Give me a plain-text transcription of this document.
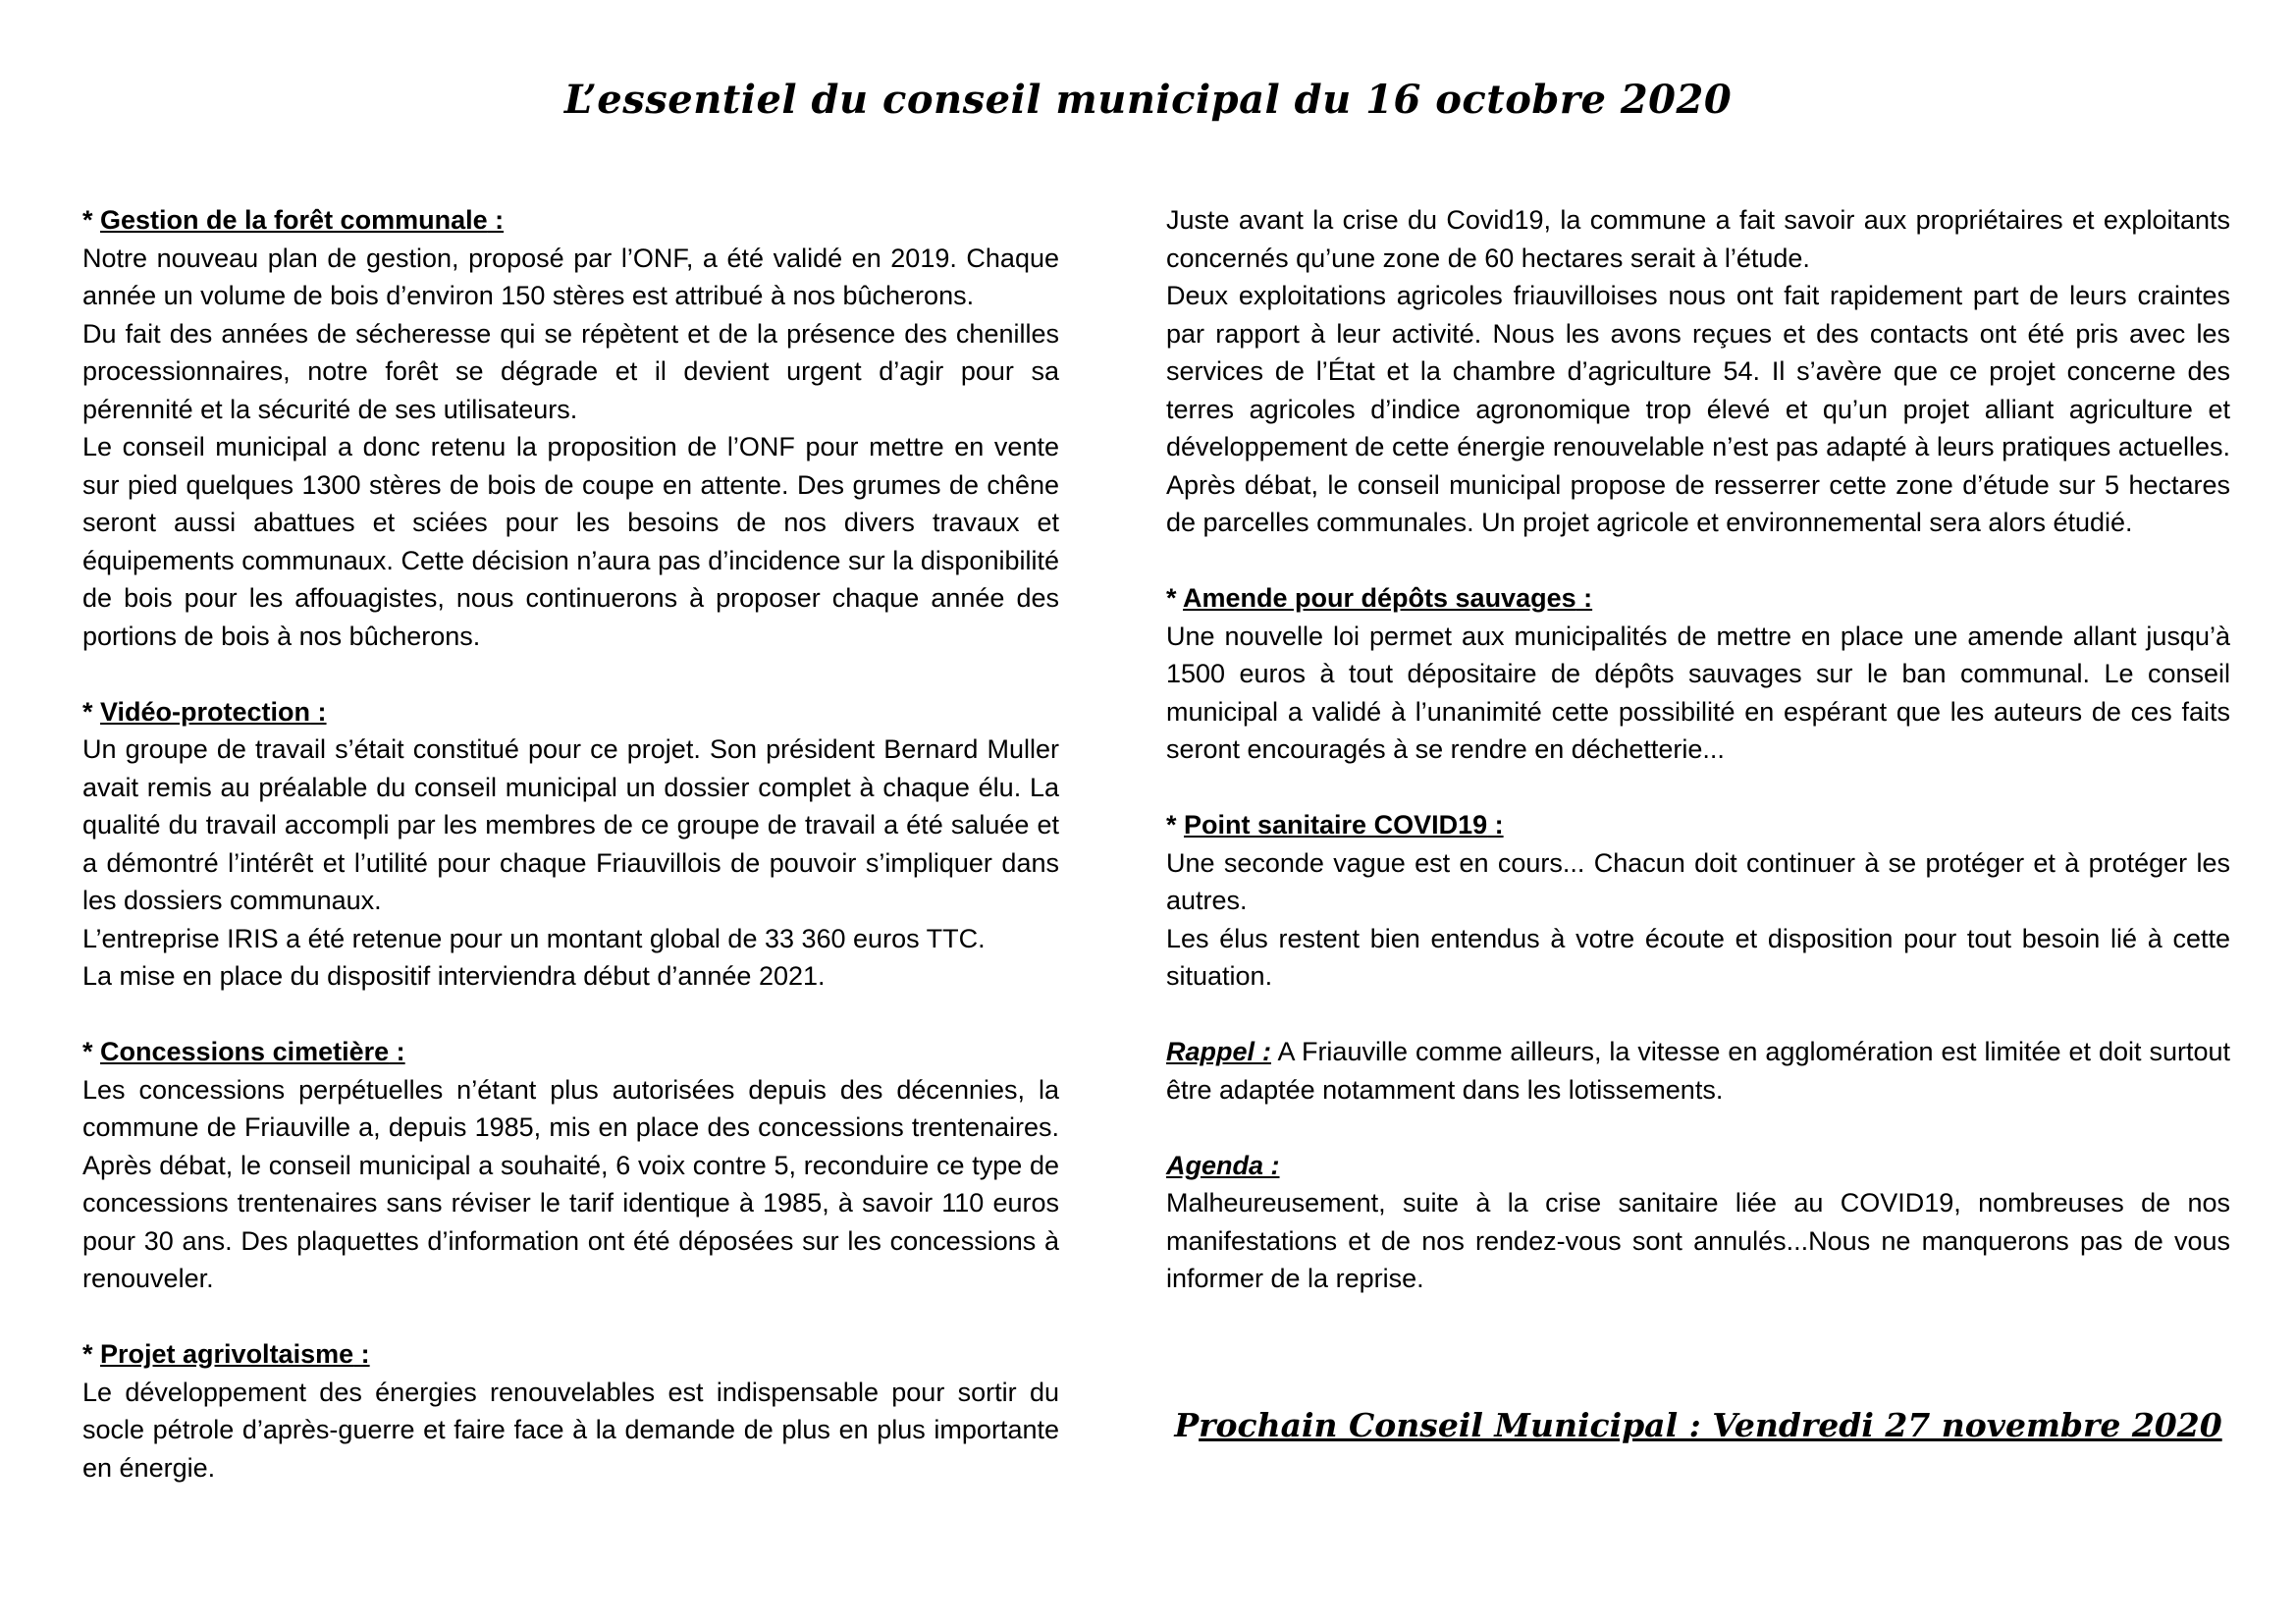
L’essentiel du conseil municipal du 16 octobre 2020

* Gestion de la forêt communale :

Notre nouveau plan de gestion, proposé par l’ONF, a été validé en 2019. Chaque année un volume de bois d’environ 150 stères est attribué à nos bûcherons.

Du fait des années de sécheresse qui se répètent et de la présence des chenilles processionnaires, notre forêt se dégrade et il devient urgent d’agir pour sa pérennité et la sécurité de ses utilisateurs.

Le conseil municipal a donc retenu la proposition de l’ONF pour mettre en vente sur pied quelques 1300 stères de bois de coupe en attente. Des grumes de chêne seront aussi abattues et sciées pour les besoins de nos divers travaux et équipements communaux. Cette décision n’aura pas d’incidence sur la disponibilité de bois pour les affouagistes, nous continuerons à proposer chaque année des portions de bois à nos bûcherons.

* Vidéo-protection :

Un groupe de travail s’était constitué pour ce projet. Son président Bernard Muller avait remis au préalable du conseil municipal un dossier complet à chaque élu. La qualité du travail accompli par les membres de ce groupe de travail a été saluée et a démontré l’intérêt et l’utilité pour chaque Friauvillois de pouvoir s’impliquer dans les dossiers communaux.

L’entreprise IRIS a été retenue pour un montant global de 33 360 euros TTC.

La mise en place du dispositif interviendra début d’année 2021.

* Concessions cimetière :

Les concessions perpétuelles n’étant plus autorisées depuis des décennies, la commune de Friauville a, depuis 1985, mis en place des concessions trentenaires. Après débat, le conseil municipal a souhaité, 6 voix contre 5, reconduire ce type de concessions trentenaires sans réviser le tarif identique à 1985, à savoir 110 euros pour 30 ans. Des plaquettes d’information ont été déposées sur les concessions à renouveler.

* Projet agrivoltaisme :

Le développement des énergies renouvelables est indispensable pour sortir du socle pétrole d’après-guerre et faire face à la demande de plus en plus importante en énergie.

Juste avant la crise du Covid19, la commune a fait savoir aux propriétaires et exploitants concernés qu’une zone de 60 hectares serait à l’étude.

Deux exploitations agricoles friauvilloises nous ont fait rapidement part de leurs craintes par rapport à leur activité. Nous les avons reçues et des contacts ont été pris avec les services de l’État et la chambre d’agriculture 54. Il s’avère que ce projet concerne des terres agricoles d’indice agronomique trop élevé et qu’un projet alliant agriculture et développement de cette énergie renouvelable n’est pas adapté à leurs pratiques actuelles. Après débat, le conseil municipal propose de resserrer cette zone d’étude sur 5 hectares de parcelles communales. Un projet agricole et environnemental sera alors étudié.

* Amende pour dépôts sauvages :

Une nouvelle loi permet aux municipalités de mettre en place une amende allant jusqu’à 1500 euros à tout dépositaire de dépôts sauvages sur le ban communal. Le conseil municipal a validé à l’unanimité cette possibilité en espérant que les auteurs de ces faits seront encouragés à se rendre en déchetterie...

* Point sanitaire COVID19 :

Une seconde vague est en cours... Chacun doit continuer à se protéger et à protéger les autres.

Les élus restent bien entendus à votre écoute et disposition pour tout besoin lié à cette situation.

Rappel : A Friauville comme ailleurs, la vitesse en agglomération est limitée et doit surtout être adaptée notamment dans les lotissements.

Agenda :

Malheureusement, suite à la crise sanitaire liée au COVID19, nombreuses de nos manifestations et de nos rendez-vous sont annulés...Nous ne manquerons pas de vous informer de la reprise.

Prochain Conseil Municipal : Vendredi 27 novembre 2020
